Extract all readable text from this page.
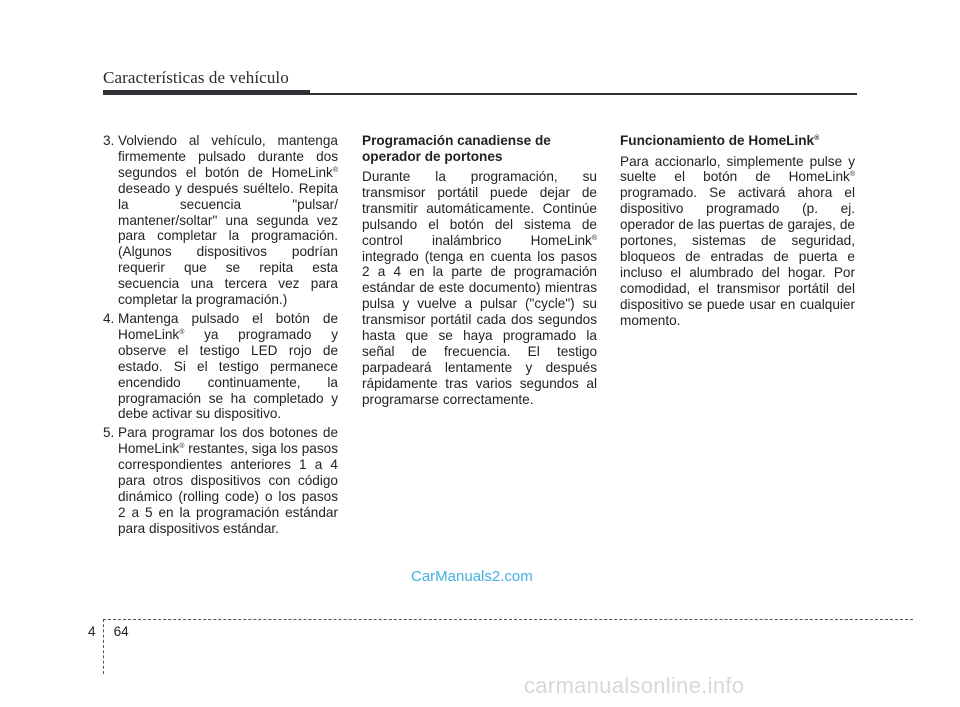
Características de vehículo
3. Volviendo al vehículo, mantenga firmemente pulsado durante dos segundos el botón de HomeLink® deseado y después suéltelo. Repita la secuencia "pulsar/ mantener/soltar" una segunda vez para completar la programación. (Algunos dispositivos podrían requerir que se repita esta secuencia una tercera vez para completar la programación.)
4. Mantenga pulsado el botón de HomeLink® ya programado y observe el testigo LED rojo de estado. Si el testigo permanece encendido continuamente, la programación se ha completado y debe activar su dispositivo.
5. Para programar los dos botones de HomeLink® restantes, siga los pasos correspondientes anteriores 1 a 4 para otros dispositivos con código dinámico (rolling code) o los pasos 2 a 5 en la programación estándar para dispositivos estándar.
Programación canadiense de operador de portones

Durante la programación, su transmisor portátil puede dejar de transmitir automáticamente. Continúe pulsando el botón del sistema de control inalámbrico HomeLink® integrado (tenga en cuenta los pasos 2 a 4 en la parte de programación estándar de este documento) mientras pulsa y vuelve a pulsar ("cycle") su transmisor portátil cada dos segundos hasta que se haya programado la señal de frecuencia. El testigo parpadeará lentamente y después rápidamente tras varios segundos al programarse correctamente.

Funcionamiento de HomeLink®

Para accionarlo, simplemente pulse y suelte el botón de HomeLink® programado. Se activará ahora el dispositivo programado (p. ej. operador de las puertas de garajes, de portones, sistemas de seguridad, bloqueos de entradas de puerta e incluso el alumbrado del hogar. Por comodidad, el transmisor portátil del dispositivo se puede usar en cualquier momento.

CarManuals2.com
4 64
carmanualsonline.info
